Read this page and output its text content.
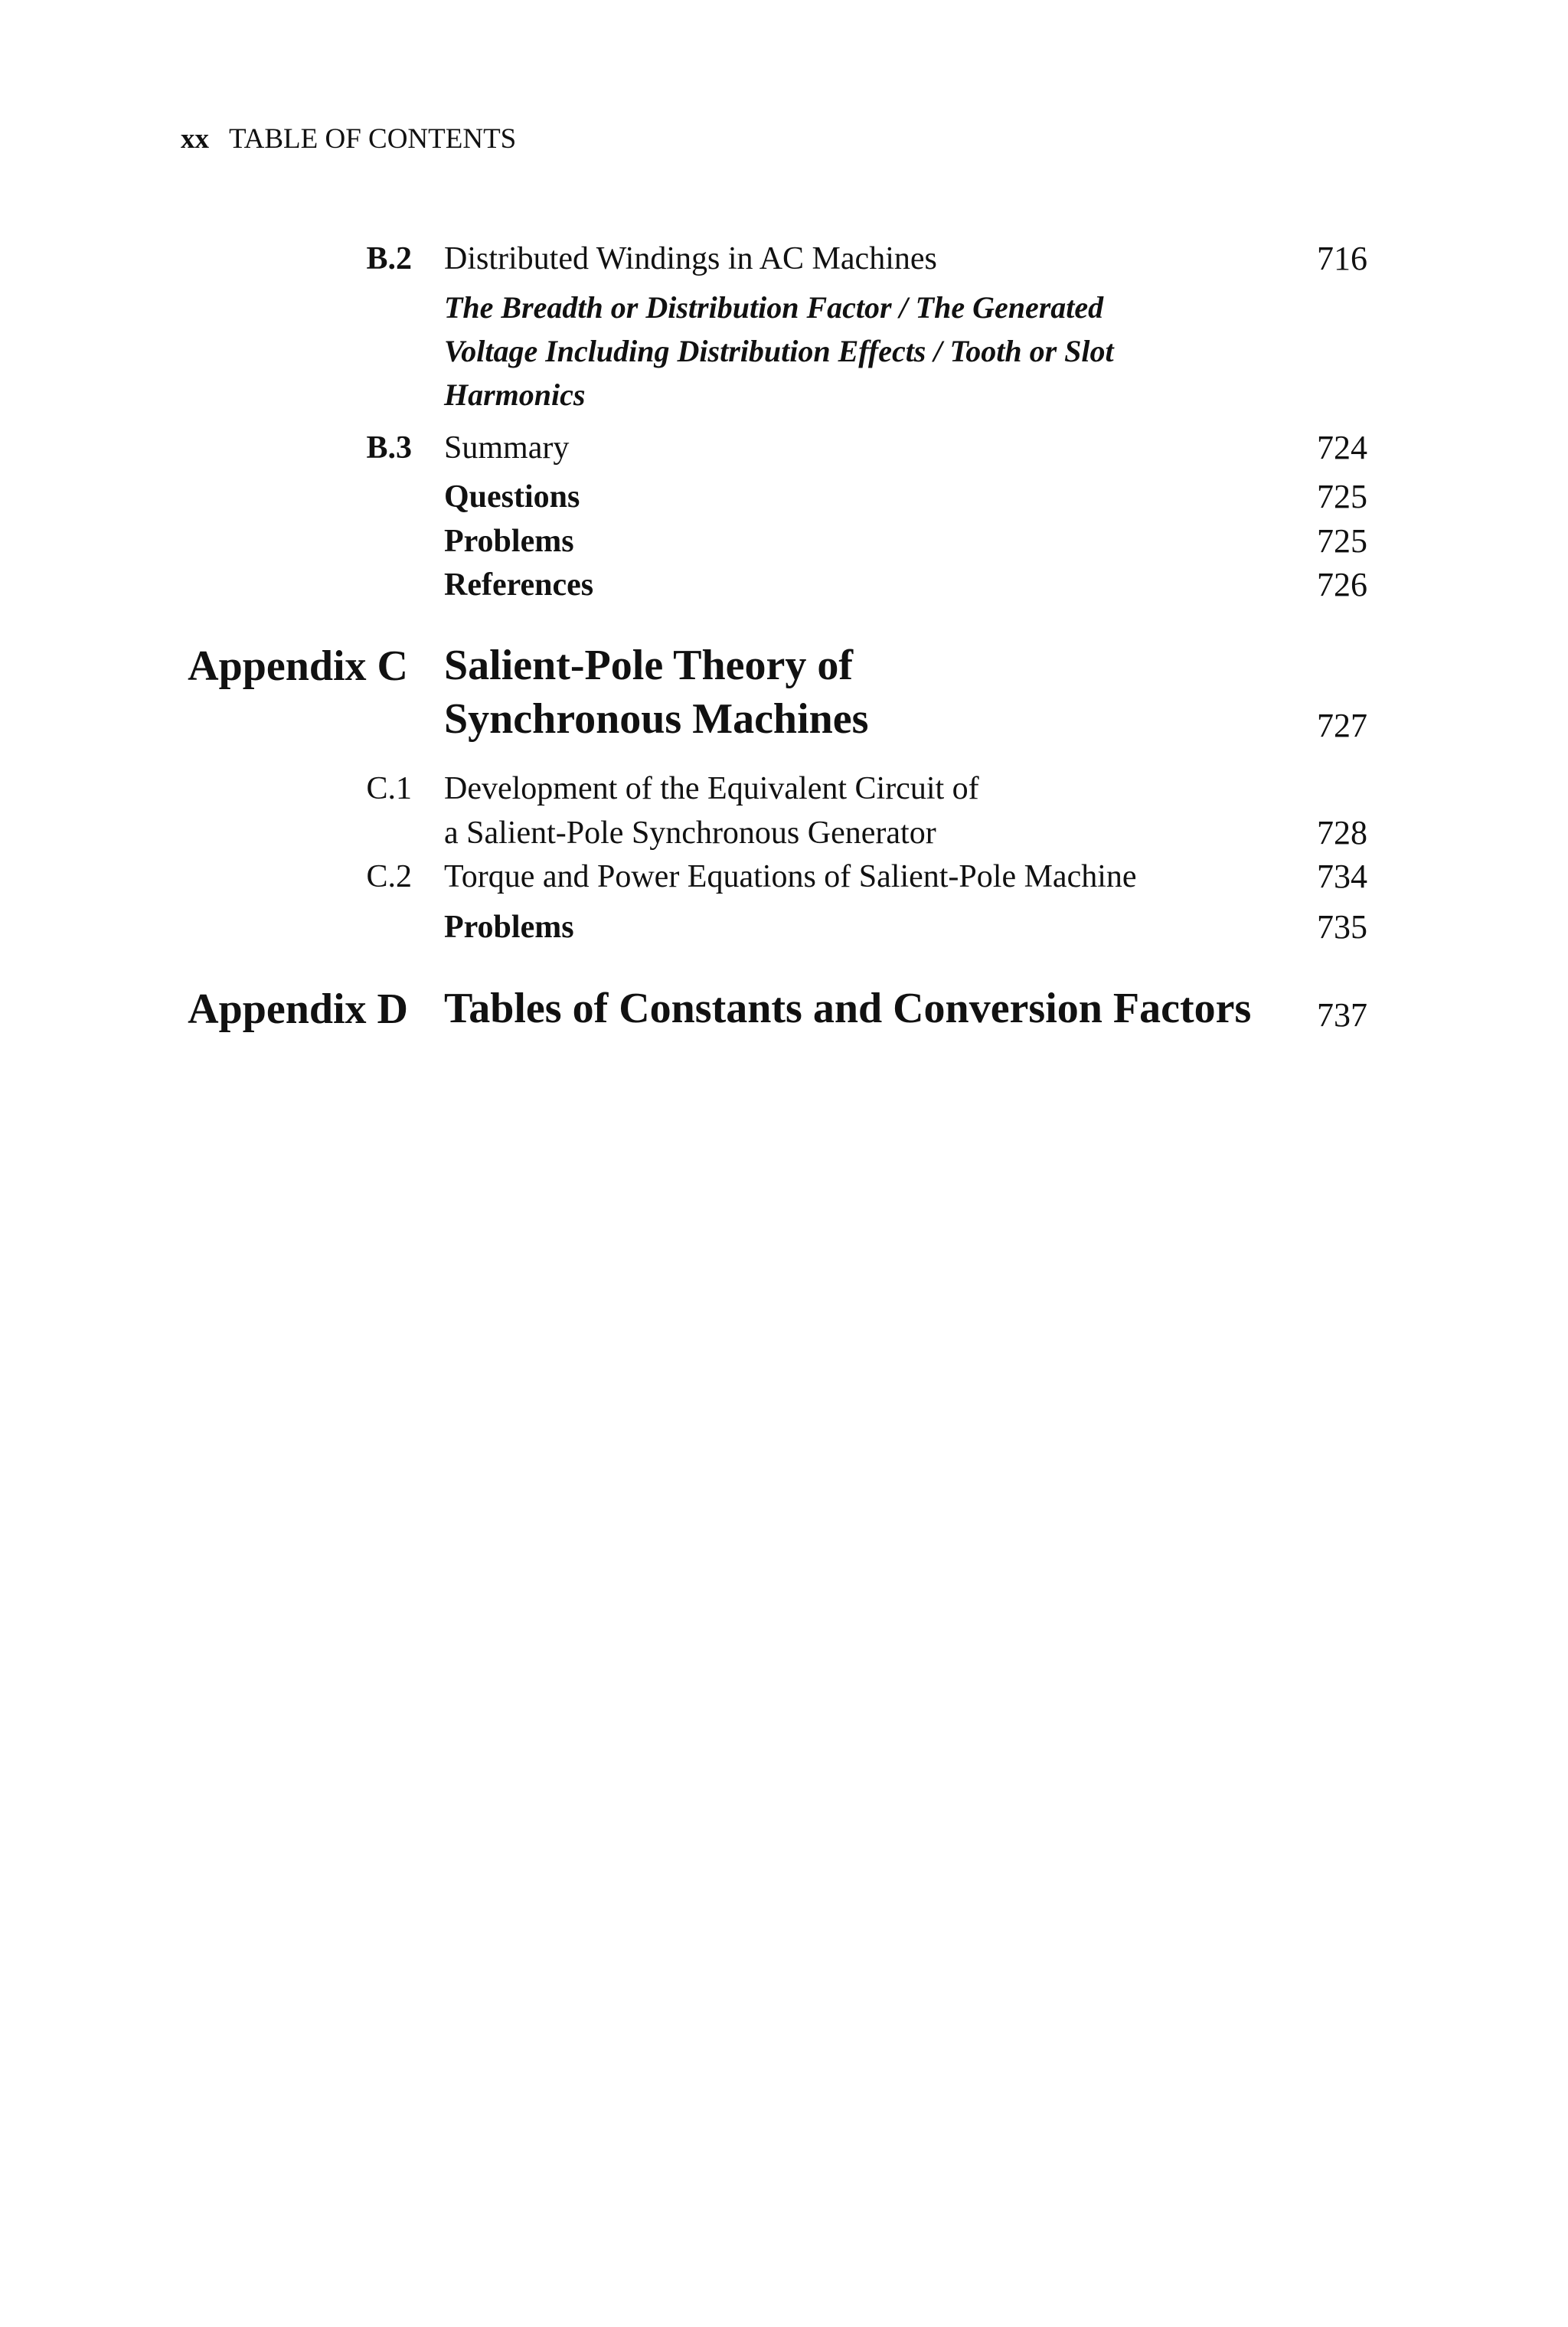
xx TABLE OF CONTENTS
B.2 Distributed Windings in AC Machines	716
The Breadth or Distribution Factor / The Generated
Voltage Including Distribution Effects / Tooth or Slot
Harmonics
B.3 Summary	724
Questions	725
Problems	725
References	726
Appendix C Salient-Pole Theory of
Synchronous Machines	727
C.1 Development of the Equivalent Circuit of
a Salient-Pole Synchronous Generator	728
C.2 Torque and Power Equations of Salient-Pole Machine	734
Problems	735
Appendix D Tables of Constants and Conversion Factors 737
